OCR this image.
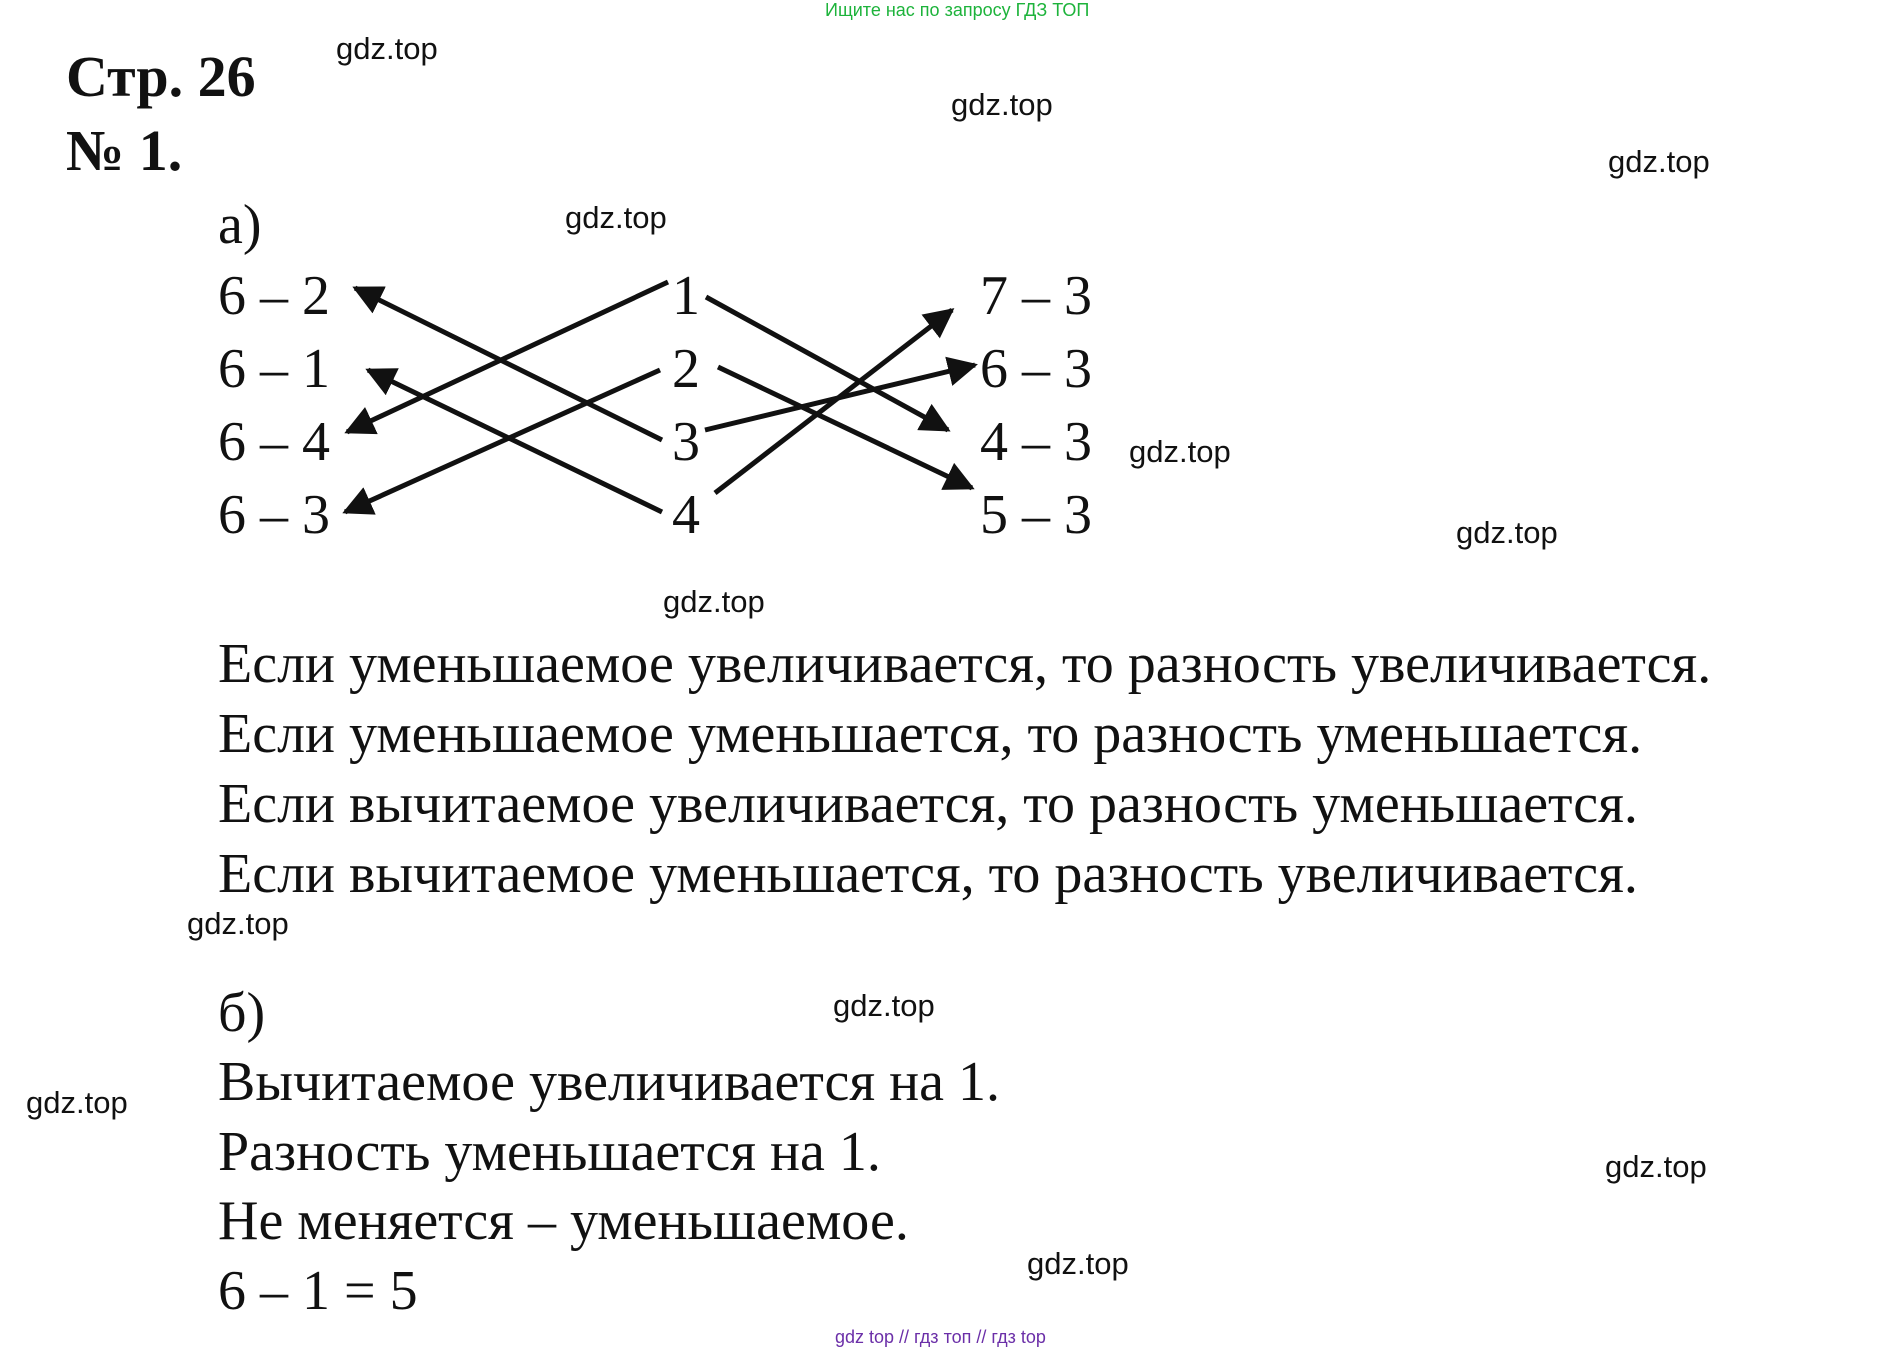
Ищите нас по запросу ГДЗ ТОП
Стр. 26
№ 1.
а)
6 – 2
6 – 1
6 – 4
6 – 3
1
2
3
4
7 – 3
6 – 3
4 – 3
5 – 3
Если уменьшаемое увеличивается, то разность увеличивается.
Если уменьшаемое уменьшается, то разность уменьшается.
Если вычитаемое увеличивается, то разность уменьшается.
Если вычитаемое уменьшается, то разность увеличивается.
б)
Вычитаемое увеличивается на 1.
Разность уменьшается на 1.
Не меняется – уменьшаемое.
6 – 1 = 5
gdz.top
gdz.top
gdz.top
gdz.top
gdz.top
gdz.top
gdz.top
gdz.top
gdz.top
gdz.top
gdz.top
gdz.top
gdz top // гдз топ // гдз top
